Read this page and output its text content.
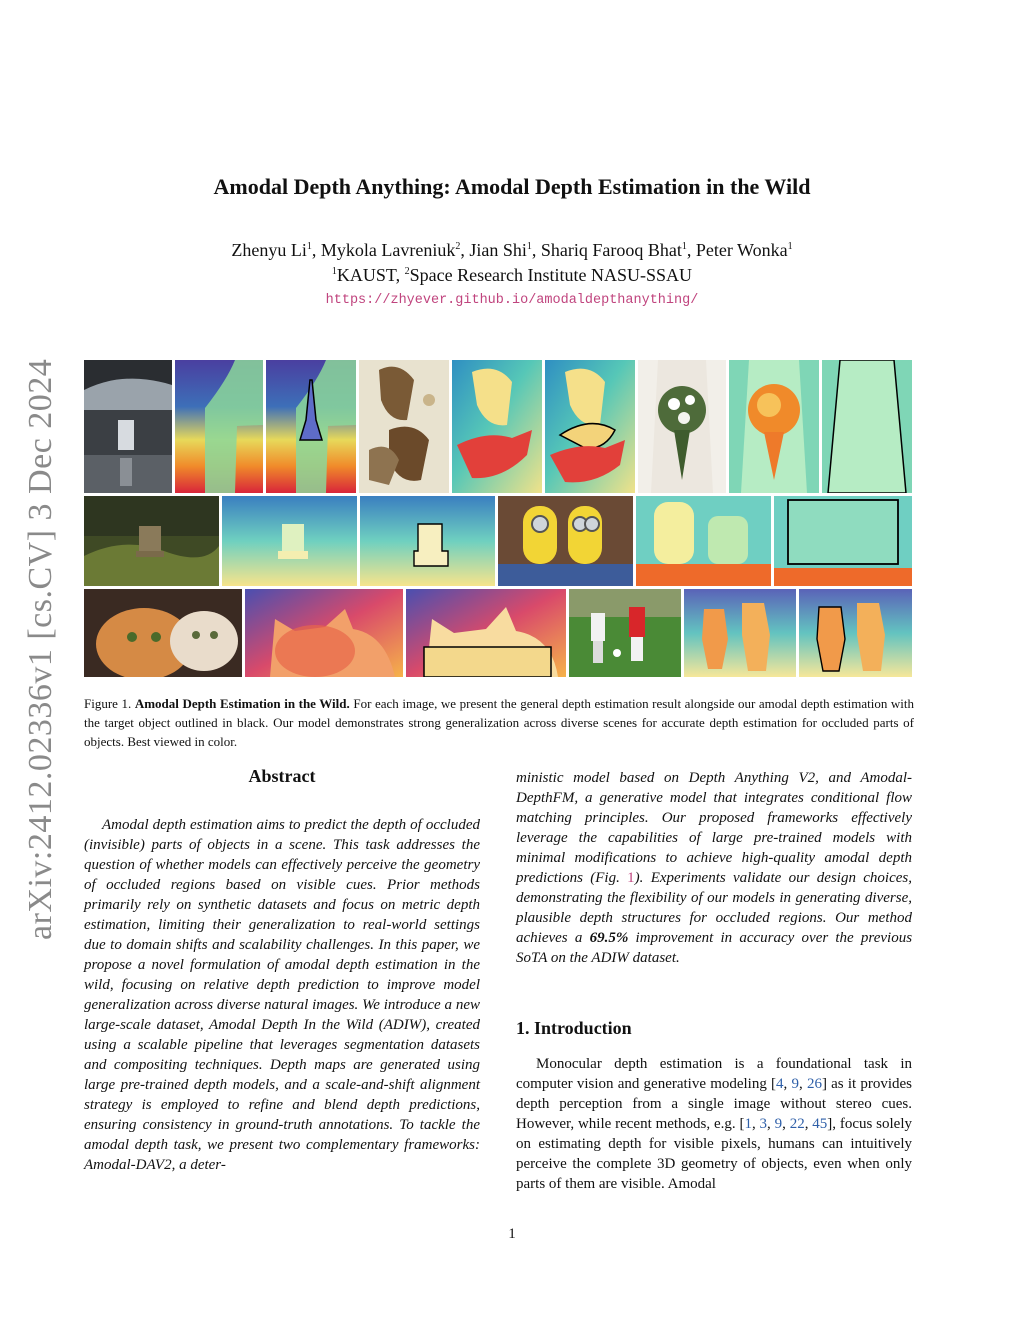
arXiv:2412.02336v1 [cs.CV] 3 Dec 2024
Amodal Depth Anything: Amodal Depth Estimation in the Wild
Zhenyu Li$^1$, Mykola Lavreniuk$^2$, Jian Shi$^1$, Shariq Farooq Bhat$^1$, Peter Wonka$^1$
$^1$KAUST, $^2$Space Research Institute NASU-SSAU
https://zhyever.github.io/amodaldepthanything/
Figure 1. Amodal Depth Estimation in the Wild. For each image, we present the general depth estimation result alongside our amodal depth estimation with the target object outlined in black. Our model demonstrates strong generalization across diverse scenes for accurate depth estimation for occluded parts of objects. Best viewed in color.
Abstract
Amodal depth estimation aims to predict the depth of occluded (invisible) parts of objects in a scene. This task addresses the question of whether models can effectively perceive the geometry of occluded regions based on visible cues. Prior methods primarily rely on synthetic datasets and focus on metric depth estimation, limiting their generalization to real-world settings due to domain shifts and scalability challenges. In this paper, we propose a novel formulation of amodal depth estimation in the wild, focusing on relative depth prediction to improve model generalization across diverse natural images. We introduce a new large-scale dataset, Amodal Depth In the Wild (ADIW), created using a scalable pipeline that leverages segmentation datasets and compositing techniques. Depth maps are generated using large pre-trained depth models, and a scale-and-shift alignment strategy is employed to refine and blend depth predictions, ensuring consistency in ground-truth annotations. To tackle the amodal depth task, we present two complementary frameworks: Amodal-DAV2, a deter-
ministic model based on Depth Anything V2, and Amodal-DepthFM, a generative model that integrates conditional flow matching principles. Our proposed frameworks effectively leverage the capabilities of large pre-trained models with minimal modifications to achieve high-quality amodal depth predictions (Fig. 1). Experiments validate our design choices, demonstrating the flexibility of our models in generating diverse, plausible depth structures for occluded regions. Our method achieves a 69.5% improvement in accuracy over the previous SoTA on the ADIW dataset.
1. Introduction
Monocular depth estimation is a foundational task in computer vision and generative modeling [4, 9, 26] as it provides depth perception from a single image without stereo cues. However, while recent methods, e.g. [1, 3, 9, 22, 45], focus solely on estimating depth for visible pixels, humans can intuitively perceive the complete 3D geometry of objects, even when only parts of them are visible. Amodal
1
